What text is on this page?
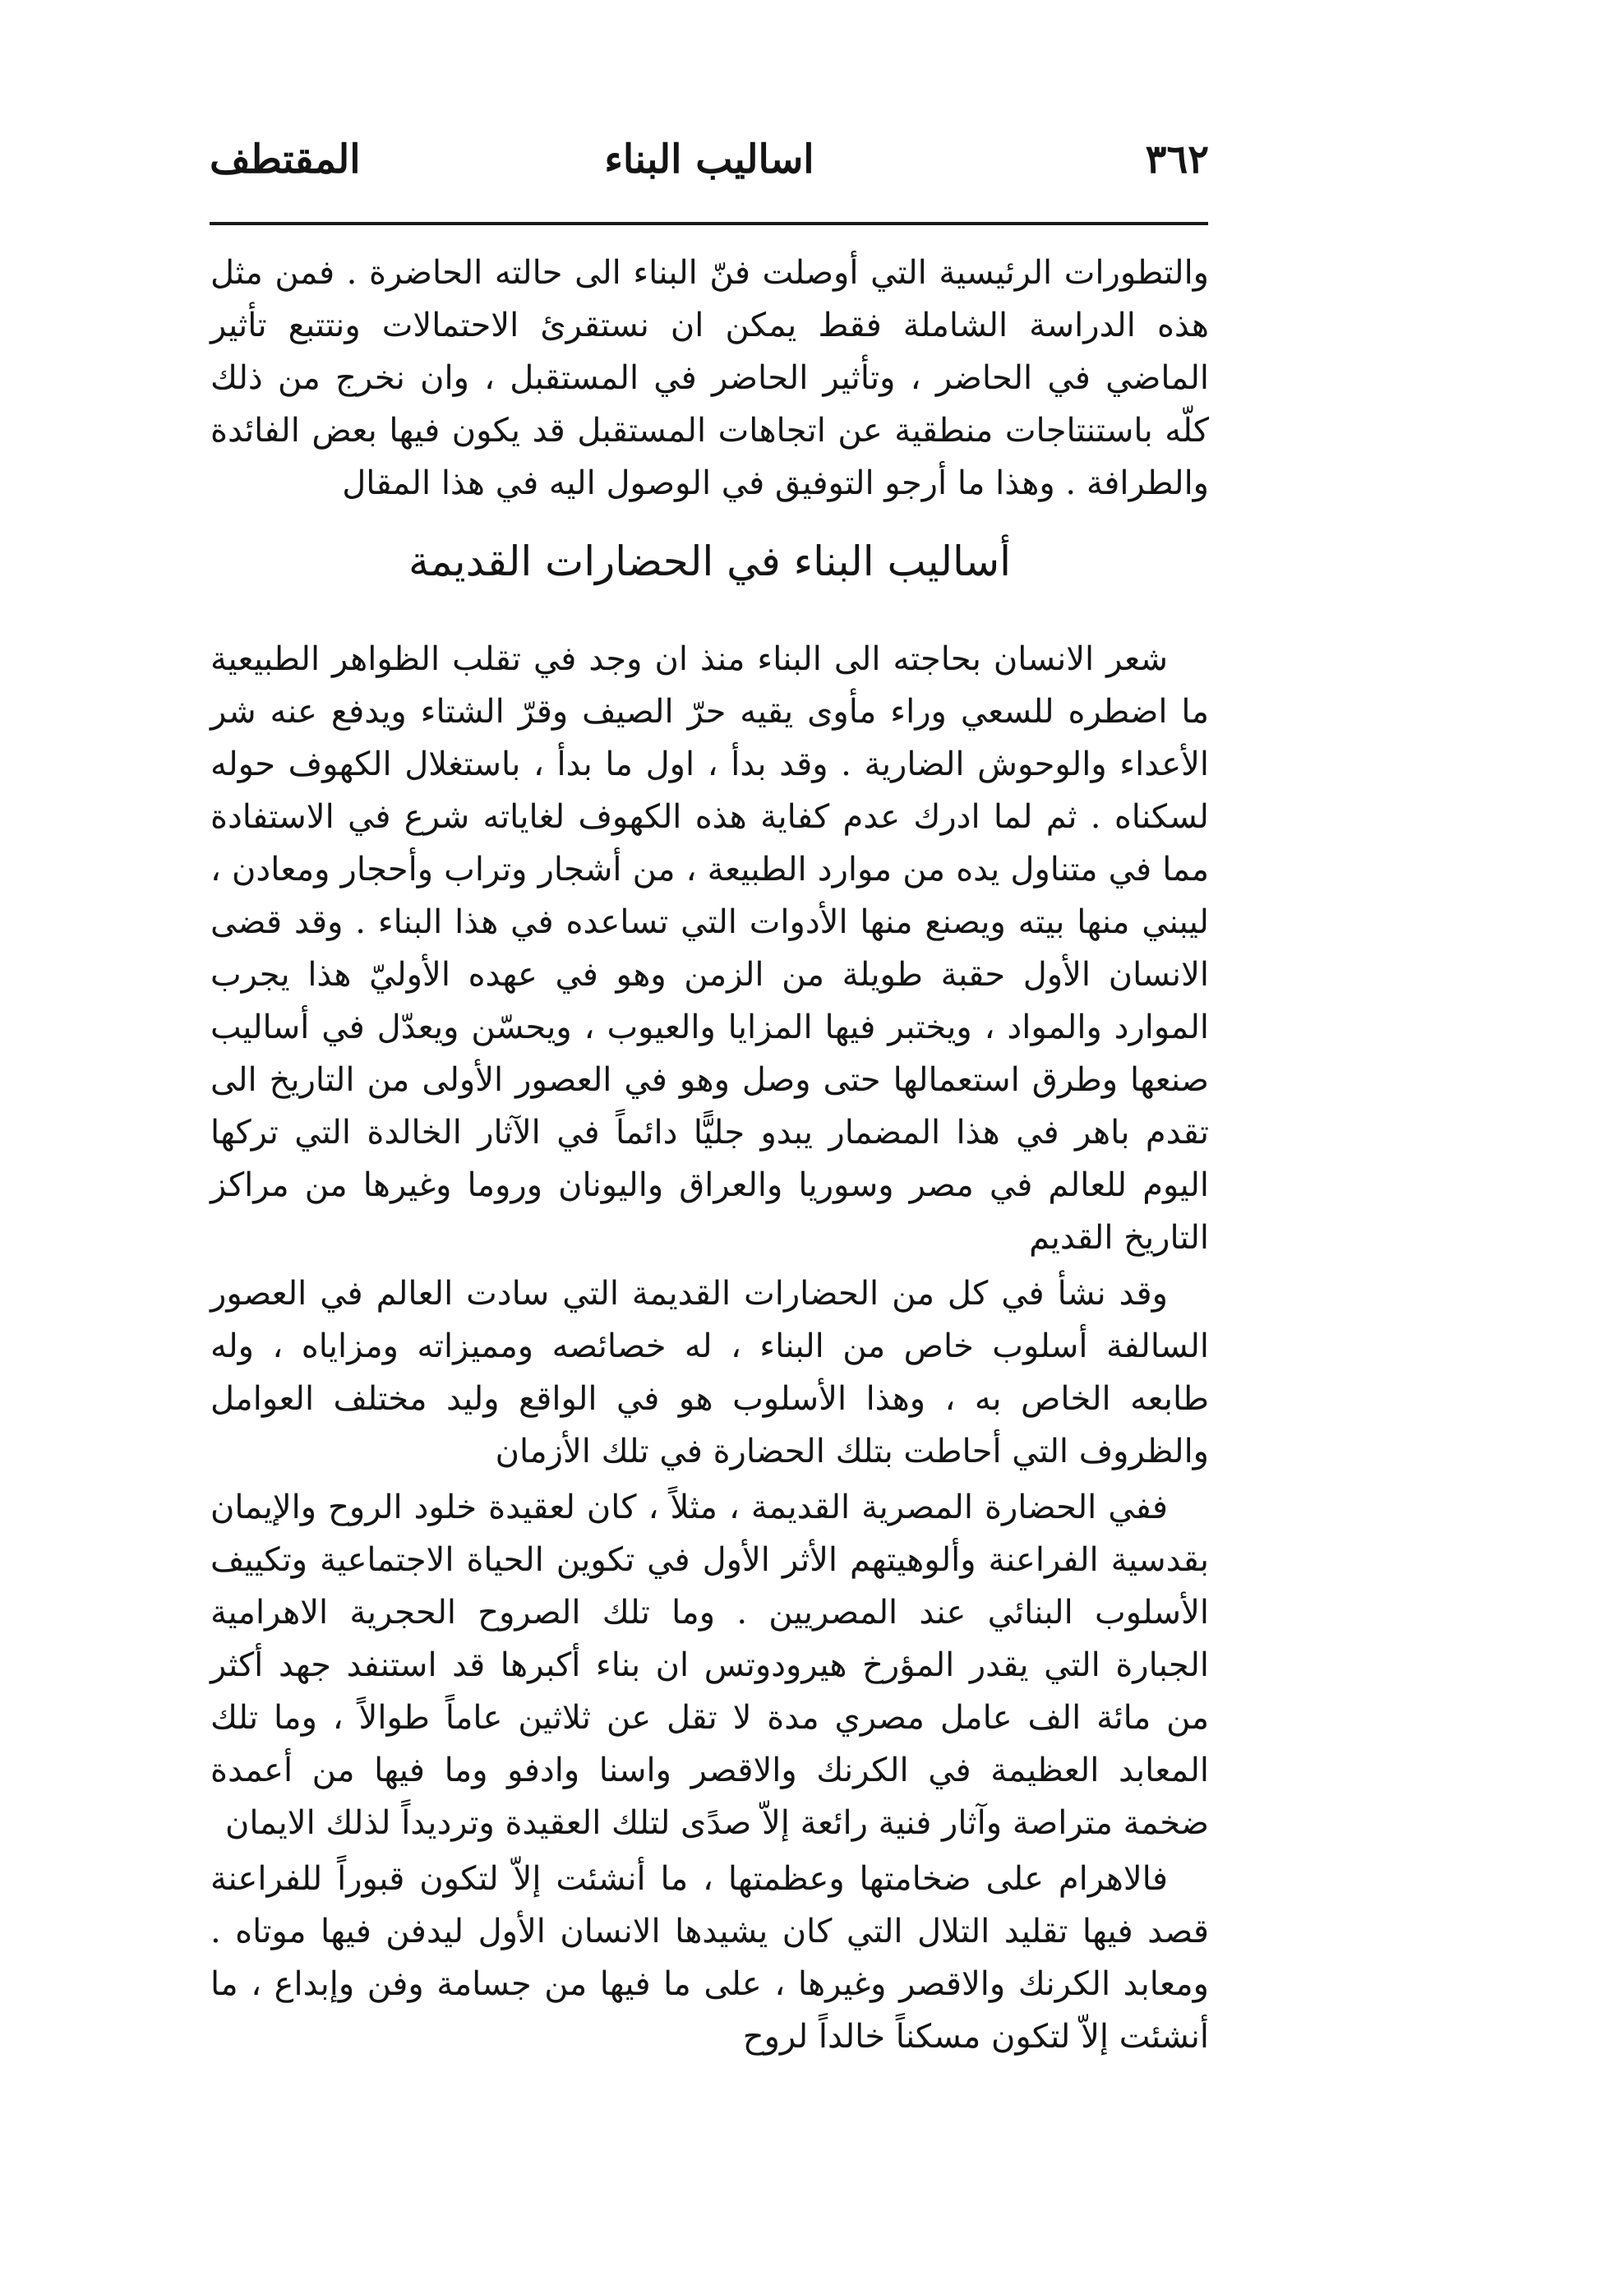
٣٦٢
اساليب البناء
المقتطف

والتطورات الرئيسية التي أوصلت فنّ البناء الى حالته الحاضرة . فمن مثل هذه الدراسة الشاملة فقط يمكن ان نستقرئ الاحتمالات ونتتبع تأثير الماضي في الحاضر ، وتأثير الحاضر في المستقبل ، وان نخرج من ذلك كلّه باستنتاجات منطقية عن اتجاهات المستقبل قد يكون فيها بعض الفائدة والطرافة . وهذا ما أرجو التوفيق في الوصول اليه في هذا المقال

أساليب البناء في الحضارات القديمة

شعر الانسان بحاجته الى البناء منذ ان وجد في تقلب الظواهر الطبيعية ما اضطره للسعي وراء مأوى يقيه حرّ الصيف وقرّ الشتاء ويدفع عنه شر الأعداء والوحوش الضارية . وقد بدأ ، اول ما بدأ ، باستغلال الكهوف حوله لسكناه . ثم لما ادرك عدم كفاية هذه الكهوف لغاياته شرع في الاستفادة مما في متناول يده من موارد الطبيعة ، من أشجار وتراب وأحجار ومعادن ، ليبني منها بيته ويصنع منها الأدوات التي تساعده في هذا البناء . وقد قضى الانسان الأول حقبة طويلة من الزمن وهو في عهده الأوليّ هذا يجرب الموارد والمواد ، ويختبر فيها المزايا والعيوب ، ويحسّن ويعدّل في أساليب صنعها وطرق استعمالها حتى وصل وهو في العصور الأولى من التاريخ الى تقدم باهر في هذا المضمار يبدو جليًّا دائماً في الآثار الخالدة التي تركها اليوم للعالم في مصر وسوريا والعراق واليونان وروما وغيرها من مراكز التاريخ القديم

وقد نشأ في كل من الحضارات القديمة التي سادت العالم في العصور السالفة أسلوب خاص من البناء ، له خصائصه ومميزاته ومزاياه ، وله طابعه الخاص به ، وهذا الأسلوب هو في الواقع وليد مختلف العوامل والظروف التي أحاطت بتلك الحضارة في تلك الأزمان

ففي الحضارة المصرية القديمة ، مثلاً ، كان لعقيدة خلود الروح والإيمان بقدسية الفراعنة وألوهيتهم الأثر الأول في تكوين الحياة الاجتماعية وتكييف الأسلوب البنائي عند المصريين . وما تلك الصروح الحجرية الاهرامية الجبارة التي يقدر المؤرخ هيرودوتس ان بناء أكبرها قد استنفد جهد أكثر من مائة الف عامل مصري مدة لا تقل عن ثلاثين عاماً طوالاً ، وما تلك المعابد العظيمة في الكرنك والاقصر واسنا وادفو وما فيها من أعمدة ضخمة متراصة وآثار فنية رائعة إلاّ صدًى لتلك العقيدة وترديداً لذلك الايمان

فالاهرام على ضخامتها وعظمتها ، ما أنشئت إلاّ لتكون قبوراً للفراعنة قصد فيها تقليد التلال التي كان يشيدها الانسان الأول ليدفن فيها موتاه . ومعابد الكرنك والاقصر وغيرها ، على ما فيها من جسامة وفن وإبداع ، ما أنشئت إلاّ لتكون مسكناً خالداً لروح
